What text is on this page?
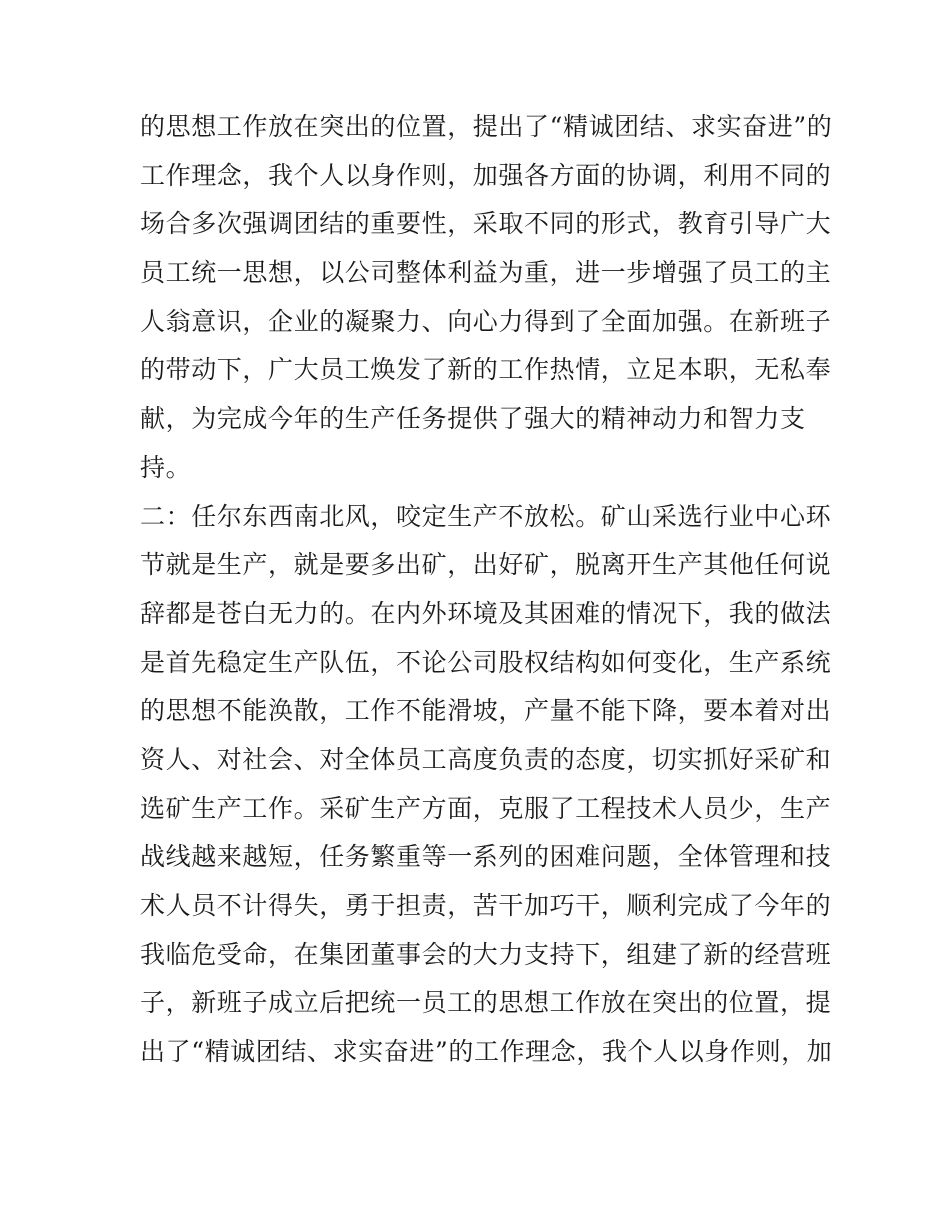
的思想工作放在突出的位置，提出了“精诚团结、求实奋进”的
工作理念，我个人以身作则，加强各方面的协调，利用不同的
场合多次强调团结的重要性，采取不同的形式，教育引导广大
员工统一思想，以公司整体利益为重，进一步增强了员工的主
人翁意识，企业的凝聚力、向心力得到了全面加强。在新班子
的带动下，广大员工焕发了新的工作热情，立足本职，无私奉
献，为完成今年的生产任务提供了强大的精神动力和智力支
持。
二：任尔东西南北风，咬定生产不放松。矿山采选行业中心环
节就是生产，就是要多出矿，出好矿，脱离开生产其他任何说
辞都是苍白无力的。在内外环境及其困难的情况下，我的做法
是首先稳定生产队伍，不论公司股权结构如何变化，生产系统
的思想不能涣散，工作不能滑坡，产量不能下降，要本着对出
资人、对社会、对全体员工高度负责的态度，切实抓好采矿和
选矿生产工作。采矿生产方面，克服了工程技术人员少，生产
战线越来越短，任务繁重等一系列的困难问题，全体管理和技
术人员不计得失，勇于担责，苦干加巧干，顺利完成了今年的
我临危受命，在集团董事会的大力支持下，组建了新的经营班
子，新班子成立后把统一员工的思想工作放在突出的位置，提
出了“精诚团结、求实奋进”的工作理念，我个人以身作则，加
